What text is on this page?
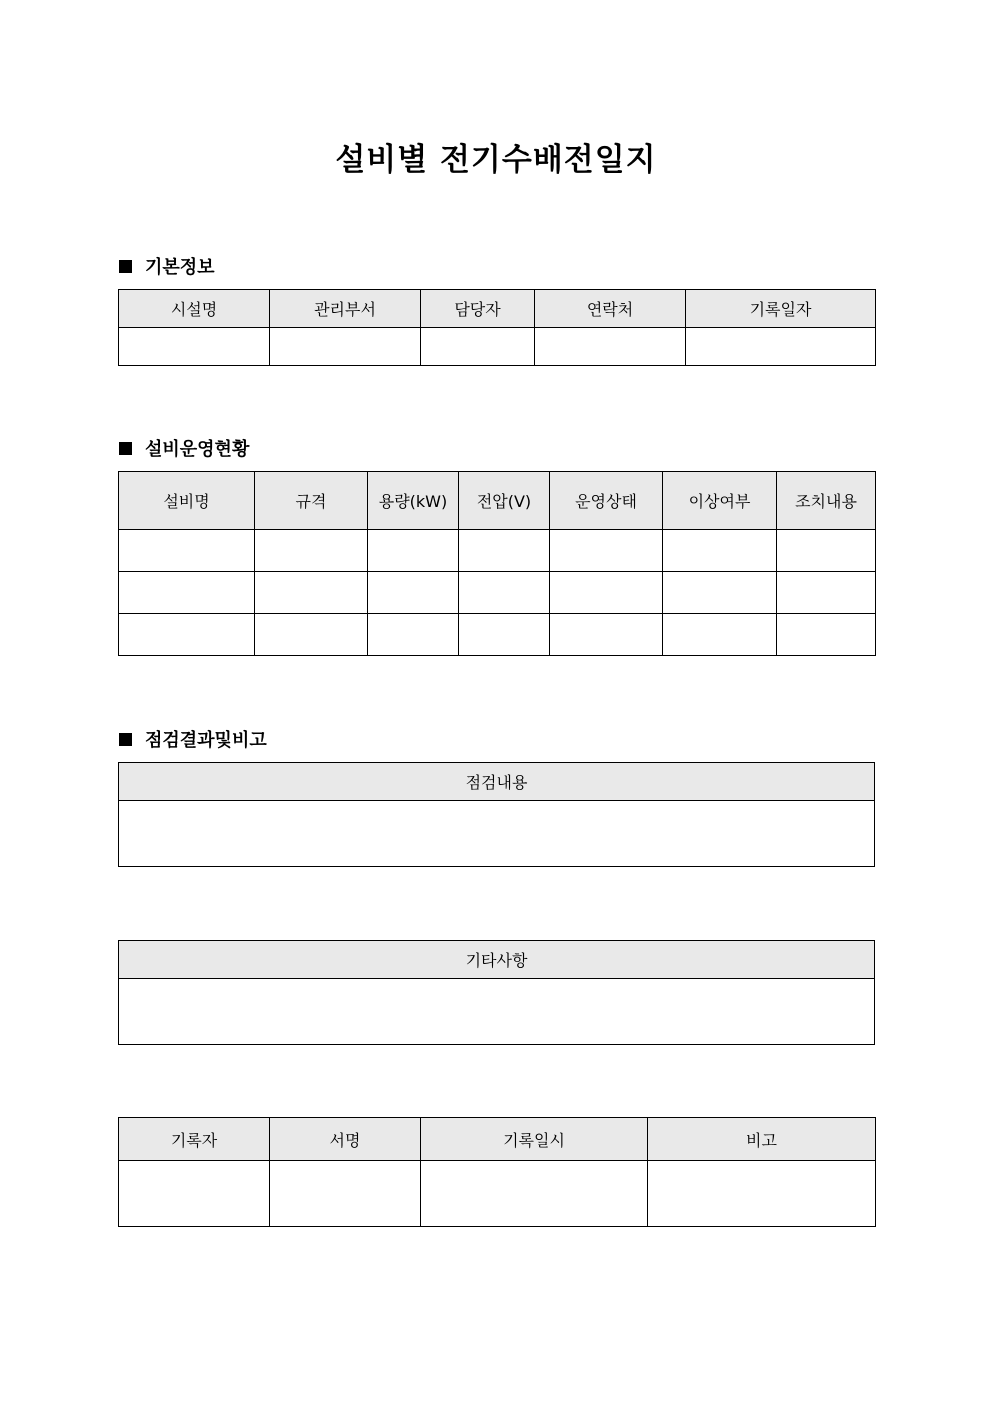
설비별 전기수배전일지
기본정보
시설명	관리부서	담당자	연락처	기록일자

설비운영현황
설비명	규격	용량(kW)	전압(V)	운영상태	이상여부	조치내용

점검결과및비고
점검내용

기타사항

기록자	서명	기록일시	비고
